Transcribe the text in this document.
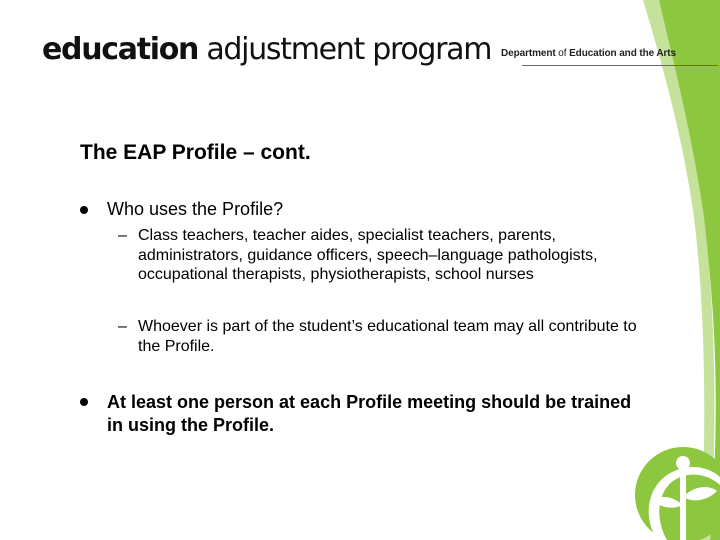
education adjustment program Department of Education and the Arts
The EAP Profile – cont.
Who uses the Profile?
– Class teachers, teacher aides, specialist teachers, parents, administrators, guidance officers, speech–language pathologists, occupational therapists, physiotherapists, school nurses
– Whoever is part of the student’s educational team may all contribute to the Profile.
At least one person at each Profile meeting should be trained in using the Profile.
